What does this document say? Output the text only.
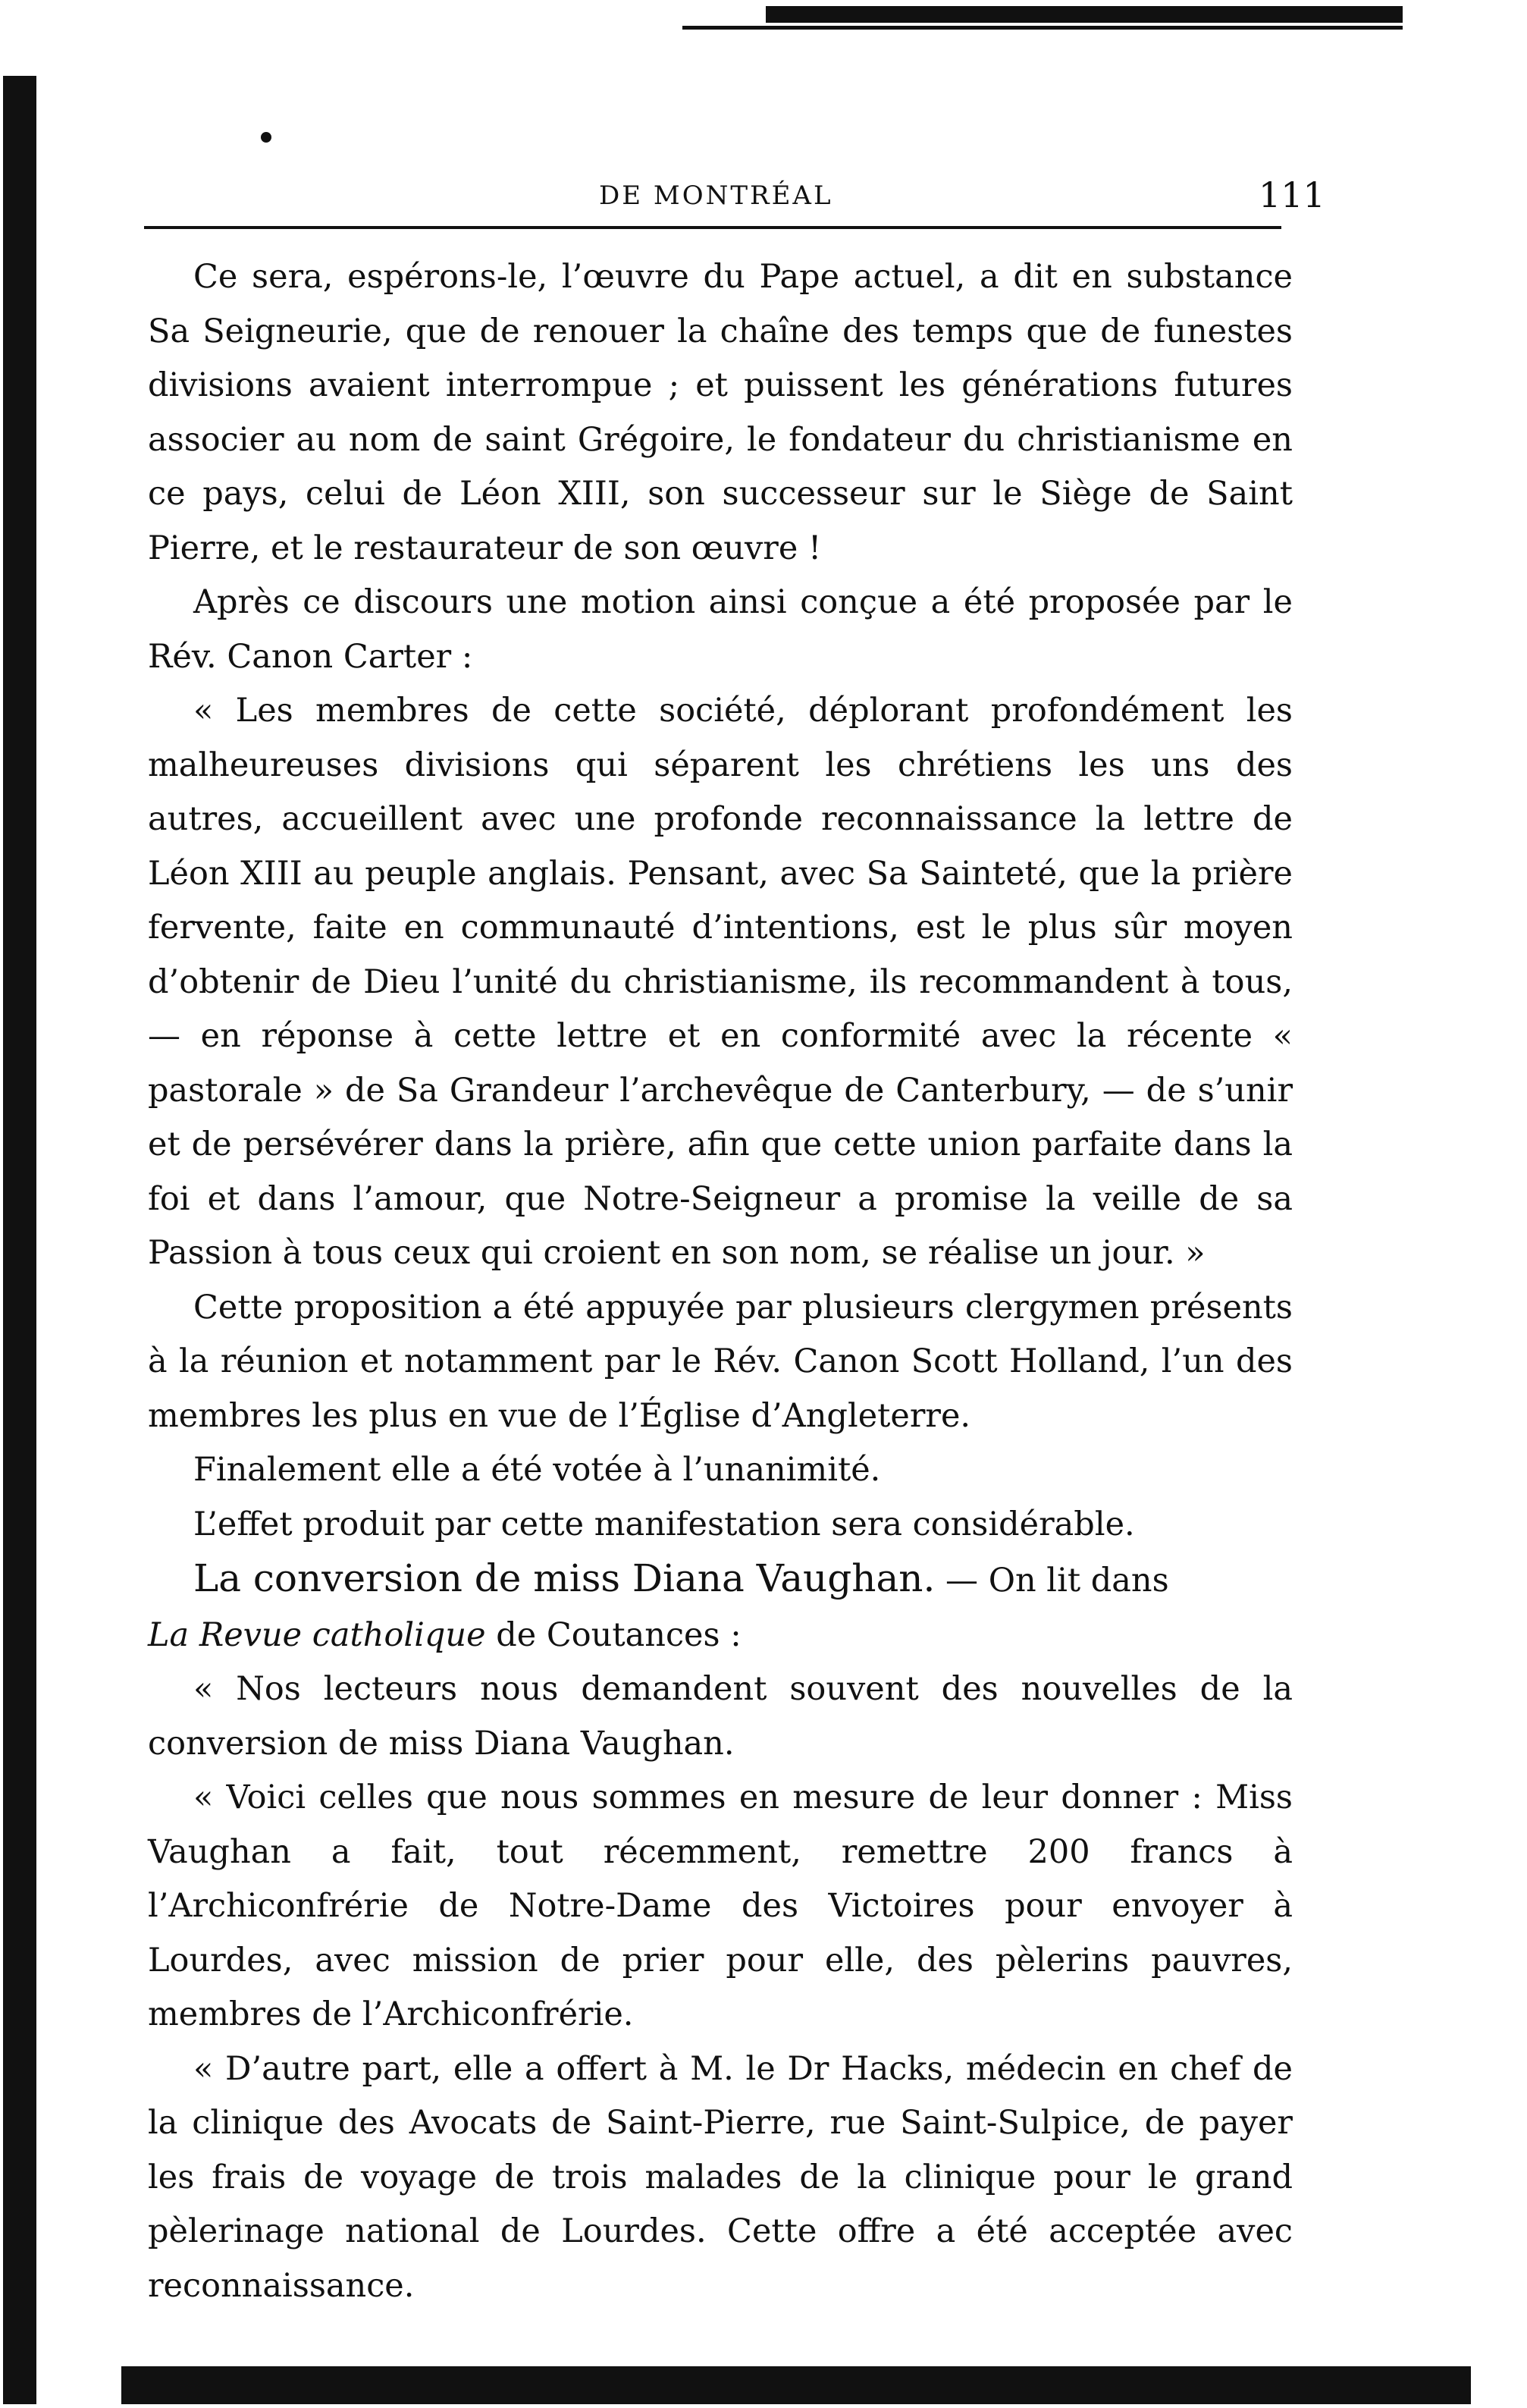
DE MONTRÉAL	111

Ce sera, espérons-le, l’œuvre du Pape actuel, a dit en substance Sa Seigneurie, que de renouer la chaîne des temps que de funestes divisions avaient interrompue ; et puissent les générations futures associer au nom de saint Grégoire, le fondateur du christianisme en ce pays, celui de Léon XIII, son successeur sur le Siège de Saint Pierre, et le restaurateur de son œuvre !

Après ce discours une motion ainsi conçue a été proposée par le Rév. Canon Carter :

« Les membres de cette société, déplorant profondément les malheureuses divisions qui séparent les chrétiens les uns des autres, accueillent avec une profonde reconnaissance la lettre de Léon XIII au peuple anglais. Pensant, avec Sa Sainteté, que la prière fervente, faite en communauté d’intentions, est le plus sûr moyen d’obtenir de Dieu l’unité du christianisme, ils recommandent à tous, — en réponse à cette lettre et en conformité avec la récente « pastorale » de Sa Grandeur l’archevêque de Canterbury, — de s’unir et de persévérer dans la prière, afin que cette union parfaite dans la foi et dans l’amour, que Notre-Seigneur a promise la veille de sa Passion à tous ceux qui croient en son nom, se réalise un jour. »

Cette proposition a été appuyée par plusieurs clergymen présents à la réunion et notamment par le Rév. Canon Scott Holland, l’un des membres les plus en vue de l’Église d’Angleterre.

Finalement elle a été votée à l’unanimité.

L’effet produit par cette manifestation sera considérable.

La conversion de miss Diana Vaughan. — On lit dans

La Revue catholique de Coutances :

« Nos lecteurs nous demandent souvent des nouvelles de la conversion de miss Diana Vaughan.

« Voici celles que nous sommes en mesure de leur donner : Miss Vaughan a fait, tout récemment, remettre 200 francs à l’Archiconfrérie de Notre-Dame des Victoires pour envoyer à Lourdes, avec mission de prier pour elle, des pèlerins pauvres, membres de l’Archiconfrérie.

« D’autre part, elle a offert à M. le Dr Hacks, médecin en chef de la clinique des Avocats de Saint-Pierre, rue Saint-Sulpice, de payer les frais de voyage de trois malades de la clinique pour le grand pèlerinage national de Lourdes. Cette offre a été acceptée avec reconnaissance.
